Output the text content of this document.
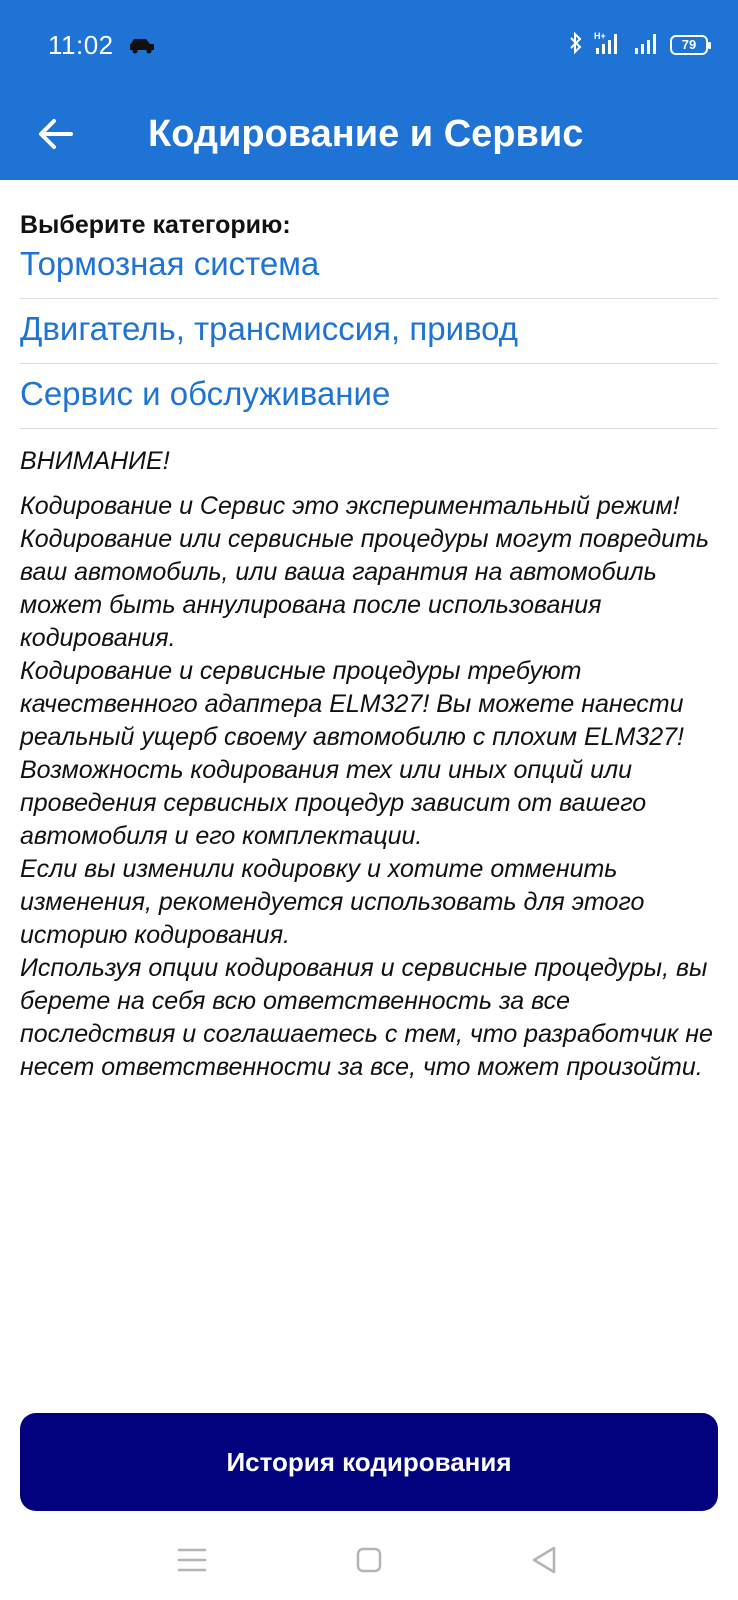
11:02	H+
79
Кодирование и Сервис
Выберите категорию:
Тормозная система
Двигатель, трансмиссия, привод
Сервис и обслуживание
ВНИМАНИЕ!
Кодирование и Сервис это экспериментальный режим!
Кодирование или сервисные процедуры могут повредить ваш автомобиль, или ваша гарантия на автомобиль может быть аннулирована после использования кодирования.
Кодирование и сервисные процедуры требуют качественного адаптера ELM327! Вы можете нанести реальный ущерб своему автомобилю с плохим ELM327!
Возможность кодирования тех или иных опций или проведения сервисных процедур зависит от вашего автомобиля и его комплектации.
Если вы изменили кодировку и хотите отменить изменения, рекомендуется использовать для этого историю кодирования.
Используя опции кодирования и сервисные процедуры, вы берете на себя всю ответственность за все последствия и соглашаетесь с тем, что разработчик не несет ответственности за все, что может произойти.
История кодирования
